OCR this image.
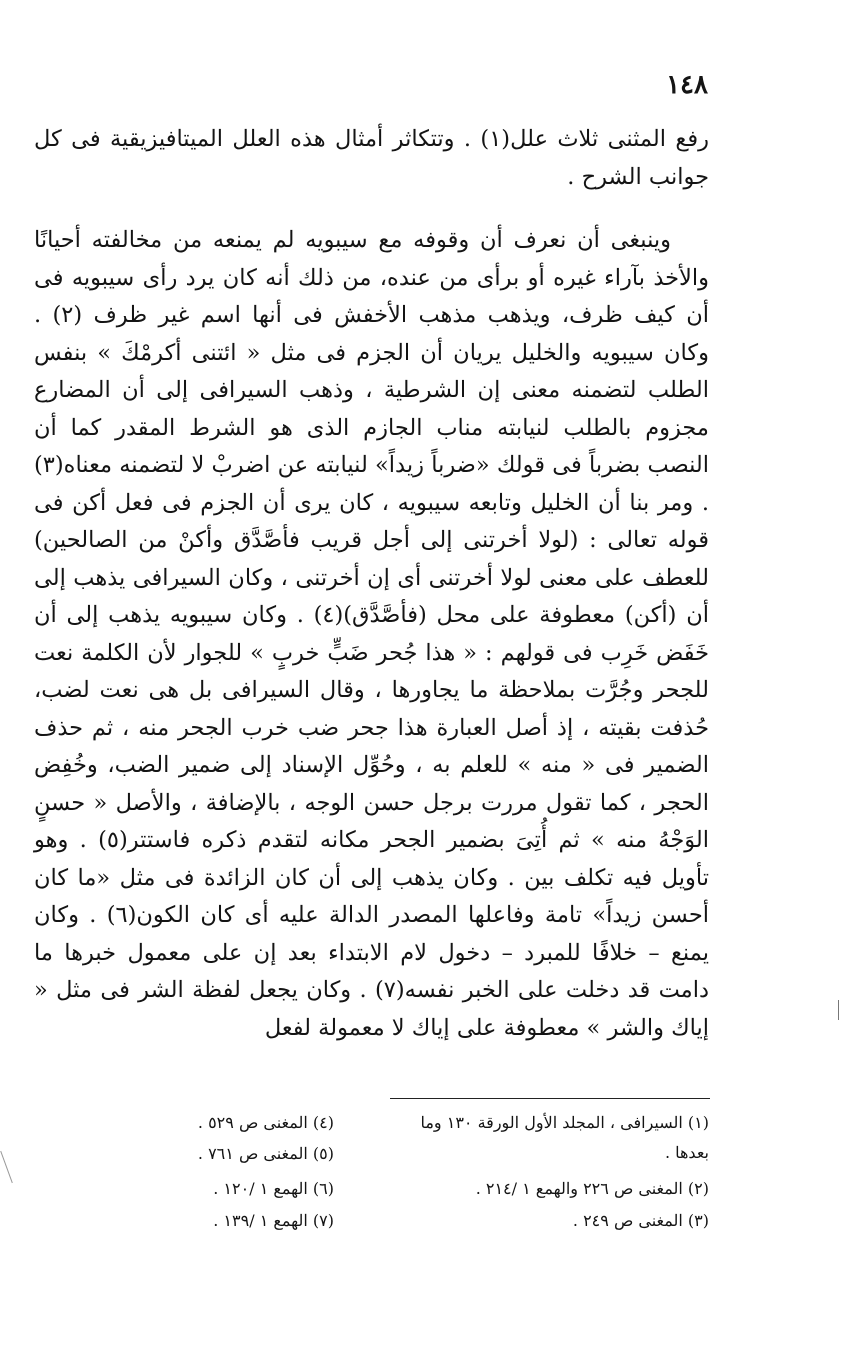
١٤٨

رفع المثنى ثلاث علل(١) . وتتكاثر أمثال هذه العلل الميتافيزيقية فى كل جوانب الشرح .

وينبغى أن نعرف أن وقوفه مع سيبويه لم يمنعه من مخالفته أحيانًا والأخذ بآراء غيره أو برأى من عنده، من ذلك أنه كان يرد رأى سيبويه فى أن كيف ظرف، ويذهب مذهب الأخفش فى أنها اسم غير ظرف (٢) . وكان سيبويه والخليل يريان أن الجزم فى مثل « ائتنى أكرمْكَ » بنفس الطلب لتضمنه معنى إن الشرطية ، وذهب السيرافى إلى أن المضارع مجزوم بالطلب لنيابته مناب الجازم الذى هو الشرط المقدر كما أن النصب بضرباً فى قولك «ضرباً زيداً» لنيابته عن اضربْ لا لتضمنه معناه(٣) . ومر بنا أن الخليل وتابعه سيبويه ، كان يرى أن الجزم فى فعل أكن فى قوله تعالى : (لولا أخرتنى إلى أجل قريب فأصَّدَّق وأكنْ من الصالحين) للعطف على معنى لولا أخرتنى أى إن أخرتنى ، وكان السيرافى يذهب إلى أن (أكن) معطوفة على محل (فأصَّدَّق)(٤) . وكان سيبويه يذهب إلى أن خَفَض خَرِب فى قولهم : « هذا جُحر ضَبٍّ خربٍ » للجوار لأن الكلمة نعت للجحر وجُرَّت بملاحظة ما يجاورها ، وقال السيرافى بل هى نعت لضب، حُذفت بقيته ، إذ أصل العبارة هذا جحر ضب خرب الجحر منه ، ثم حذف الضمير فى « منه » للعلم به ، وحُوِّل الإسناد إلى ضمير الضب، وخُفِض الحجر ، كما تقول مررت برجل حسن الوجه ، بالإضافة ، والأصل « حسنٍ الوَجْهُ منه » ثم أُتِىَ بضمير الجحر مكانه لتقدم ذكره فاستتر(٥) . وهو تأويل فيه تكلف بين . وكان يذهب إلى أن كان الزائدة فى مثل «ما كان أحسن زيداً» تامة وفاعلها المصدر الدالة عليه أى كان الكون(٦) . وكان يمنع – خلافًا للمبرد – دخول لام الابتداء بعد إن على معمول خبرها ما دامت قد دخلت على الخبر نفسه(٧) . وكان يجعل لفظة الشر فى مثل « إياك والشر » معطوفة على إياك لا معمولة لفعل

(١) السيرافى ، المجلد الأول الورقة ١٣٠ وما
بعدها .
(٢) المغنى ص ٢٢٦ والهمع ١ /٢١٤ .
(٣) المغنى ص ٢٤٩ .
(٤) المغنى ص ٥٢٩ .
(٥) المغنى ص ٧٦١ .
(٦) الهمع ١ /١٢٠ .
(٧) الهمع ١ /١٣٩ .
